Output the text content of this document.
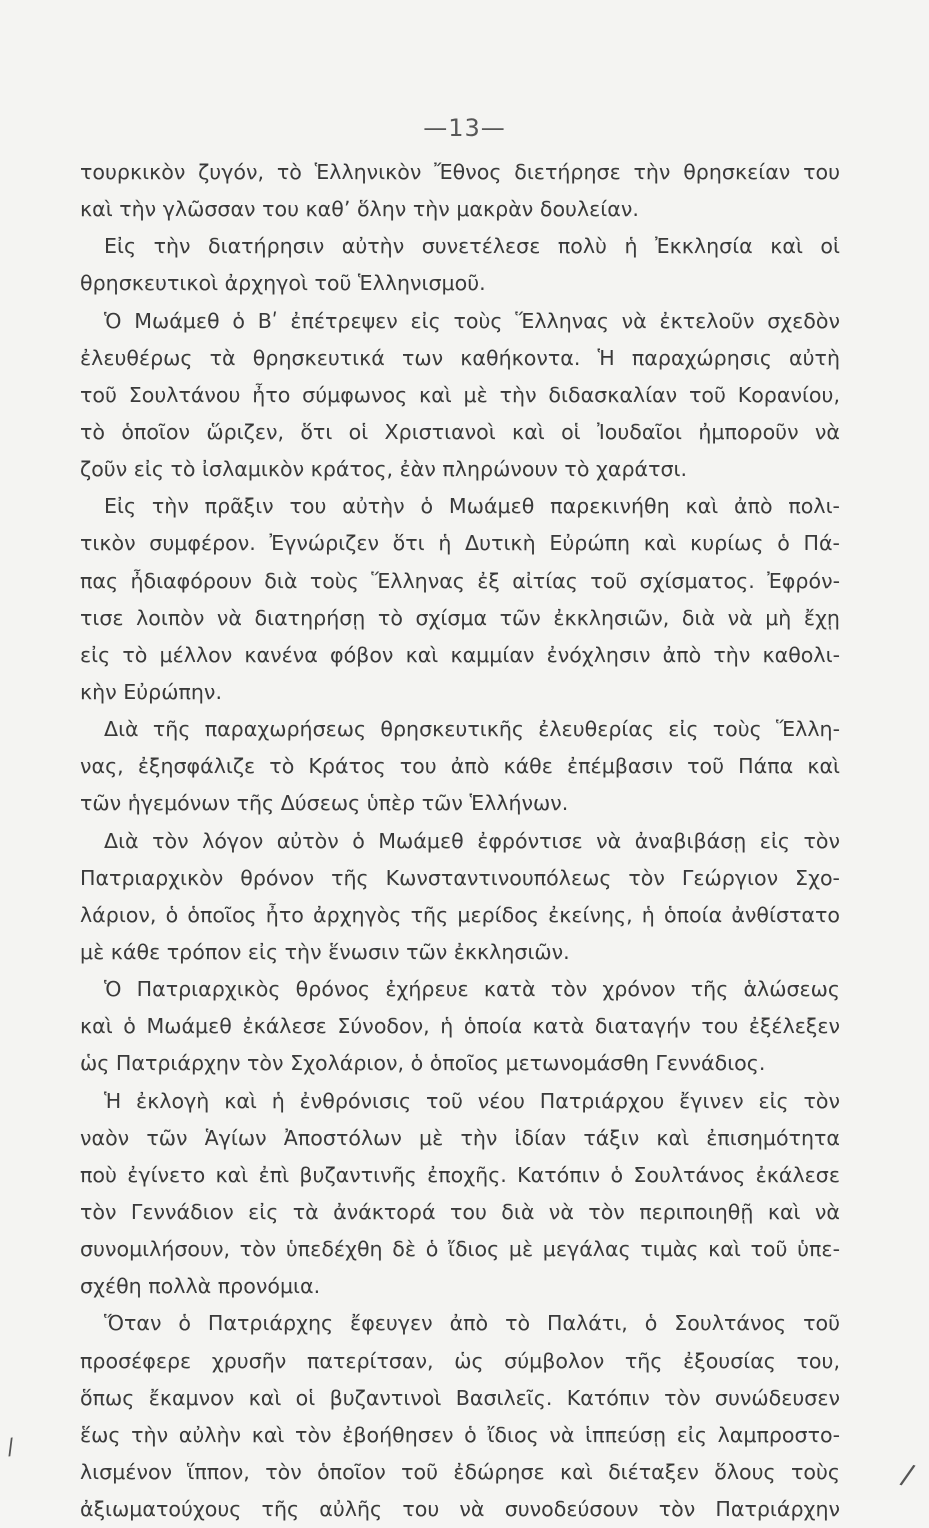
—13—
τουρκικὸν ζυγόν, τὸ Ἑλληνικὸν Ἔθνος διετήρησε τὴν θρησκείαν του
καὶ τὴν γλῶσσαν του καθʼ ὅλην τὴν μακρὰν δουλείαν.
Εἰς τὴν διατήρησιν αὐτὴν συνετέλεσε πολὺ ἡ Ἐκκλησία καὶ οἱ
θρησκευτικοὶ ἀρχηγοὶ τοῦ Ἑλληνισμοῦ.
Ὁ Μωάμεθ ὁ Βʹ ἐπέτρεψεν εἰς τοὺς Ἕλληνας νὰ ἐκτελοῦν σχεδὸν
ἐλευθέρως τὰ θρησκευτικά των καθήκοντα. Ἡ παραχώρησις αὐτὴ
τοῦ Σουλτάνου ἦτο σύμφωνος καὶ μὲ τὴν διδασκαλίαν τοῦ Κορανίου,
τὸ ὁποῖον ὥριζεν, ὅτι οἱ Χριστιανοὶ καὶ οἱ Ἰουδαῖοι ἠμποροῦν νὰ
ζοῦν εἰς τὸ ἰσλαμικὸν κράτος, ἐὰν πληρώνουν τὸ χαράτσι.
Εἰς τὴν πρᾶξιν του αὐτὴν ὁ Μωάμεθ παρεκινήθη καὶ ἀπὸ πολι-
τικὸν συμφέρον. Ἐγνώριζεν ὅτι ἡ Δυτικὴ Εὐρώπη καὶ κυρίως ὁ Πά-
πας ἦδιαφόρουν διὰ τοὺς Ἕλληνας ἐξ αἰτίας τοῦ σχίσματος. Ἐφρόν-
τισε λοιπὸν νὰ διατηρήσῃ τὸ σχίσμα τῶν ἐκκλησιῶν, διὰ νὰ μὴ ἔχῃ
εἰς τὸ μέλλον κανένα φόβον καὶ καμμίαν ἐνόχλησιν ἀπὸ τὴν καθολι-
κὴν Εὐρώπην.
Διὰ τῆς παραχωρήσεως θρησκευτικῆς ἐλευθερίας εἰς τοὺς Ἕλλη-
νας, ἐξησφάλιζε τὸ Κράτος του ἀπὸ κάθε ἐπέμβασιν τοῦ Πάπα καὶ
τῶν ἡγεμόνων τῆς Δύσεως ὑπὲρ τῶν Ἑλλήνων.
Διὰ τὸν λόγον αὐτὸν ὁ Μωάμεθ ἐφρόντισε νὰ ἀναβιβάσῃ εἰς τὸν
Πατριαρχικὸν θρόνον τῆς Κωνσταντινουπόλεως τὸν Γεώργιον Σχο-
λάριον, ὁ ὁποῖος ἦτο ἀρχηγὸς τῆς μερίδος ἐκείνης, ἡ ὁποία ἀνθίστατο
μὲ κάθε τρόπον εἰς τὴν ἕνωσιν τῶν ἐκκλησιῶν.
Ὁ Πατριαρχικὸς θρόνος ἐχήρευε κατὰ τὸν χρόνον τῆς ἁλώσεως
καὶ ὁ Μωάμεθ ἐκάλεσε Σύνοδον, ἡ ὁποία κατὰ διαταγήν του ἐξέλεξεν
ὡς Πατριάρχην τὸν Σχολάριον, ὁ ὁποῖος μετωνομάσθη Γεννάδιος.
Ἡ ἐκλογὴ καὶ ἡ ἐνθρόνισις τοῦ νέου Πατριάρχου ἔγινεν εἰς τὸν
ναὸν τῶν Ἁγίων Ἀποστόλων μὲ τὴν ἰδίαν τάξιν καὶ ἐπισημότητα
ποὺ ἐγίνετο καὶ ἐπὶ βυζαντινῆς ἐποχῆς. Κατόπιν ὁ Σουλτάνος ἐκάλεσε
τὸν Γεννάδιον εἰς τὰ ἀνάκτορά του διὰ νὰ τὸν περιποιηθῇ καὶ νὰ
συνομιλήσουν, τὸν ὑπεδέχθη δὲ ὁ ἴδιος μὲ μεγάλας τιμὰς καὶ τοῦ ὑπε-
σχέθη πολλὰ προνόμια.
Ὅταν ὁ Πατριάρχης ἔφευγεν ἀπὸ τὸ Παλάτι, ὁ Σουλτάνος τοῦ
προσέφερε χρυσῆν πατερίτσαν, ὡς σύμβολον τῆς ἐξουσίας του,
ὅπως ἔκαμνον καὶ οἱ βυζαντινοὶ Βασιλεῖς. Κατόπιν τὸν συνώδευσεν
ἕως τὴν αὐλὴν καὶ τὸν ἐβοήθησεν ὁ ἴδιος νὰ ἱππεύσῃ εἰς λαμπροστο-
λισμένον ἵππον, τὸν ὁποῖον τοῦ ἐδώρησε καὶ διέταξεν ὅλους τοὺς
ἀξιωματούχους τῆς αὐλῆς του νὰ συνοδεύσουν τὸν Πατριάρχην
/
/
